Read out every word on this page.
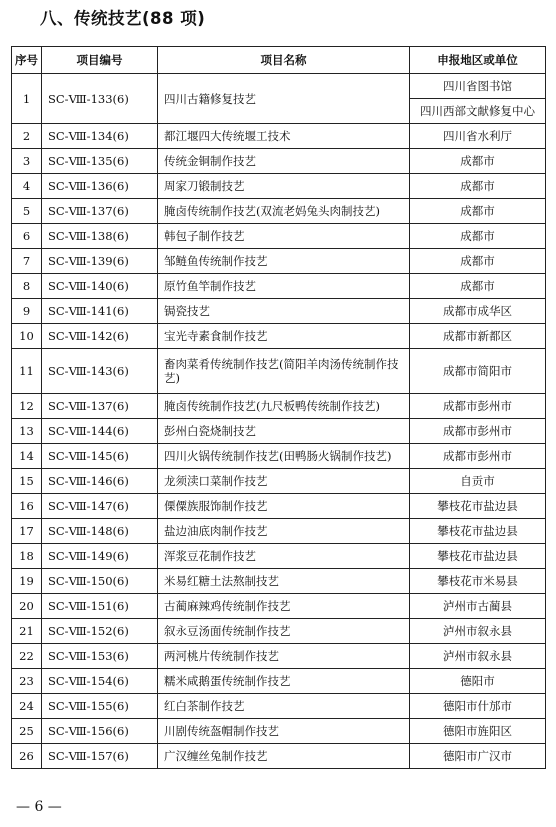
八、传统技艺(88 项)
序号	项目编号	项目名称	申报地区或单位
1	SC-Ⅷ-133(6)	四川古籍修复技艺	四川省图书馆
			四川西部文献修复中心
2	SC-Ⅷ-134(6)	都江堰四大传统堰工技术	四川省水利厅
3	SC-Ⅷ-135(6)	传统金铜制作技艺	成都市
4	SC-Ⅷ-136(6)	周家刀锻制技艺	成都市
5	SC-Ⅷ-137(6)	腌卤传统制作技艺(双流老妈兔头肉制技艺)	成都市
6	SC-Ⅷ-138(6)	韩包子制作技艺	成都市
7	SC-Ⅷ-139(6)	邹鲢鱼传统制作技艺	成都市
8	SC-Ⅷ-140(6)	原竹鱼竿制作技艺	成都市
9	SC-Ⅷ-141(6)	锔瓷技艺	成都市成华区
10	SC-Ⅷ-142(6)	宝光寺素食制作技艺	成都市新都区
11	SC-Ⅷ-143(6)	畜肉菜肴传统制作技艺(简阳羊肉汤传统制作技艺)	成都市简阳市
12	SC-Ⅷ-137(6)	腌卤传统制作技艺(九尺板鸭传统制作技艺)	成都市彭州市
13	SC-Ⅷ-144(6)	彭州白瓷烧制技艺	成都市彭州市
14	SC-Ⅷ-145(6)	四川火锅传统制作技艺(田鸭肠火锅制作技艺)	成都市彭州市
15	SC-Ⅷ-146(6)	龙须渎口菜制作技艺	自贡市
16	SC-Ⅷ-147(6)	傈僳族服饰制作技艺	攀枝花市盐边县
17	SC-Ⅷ-148(6)	盐边油底肉制作技艺	攀枝花市盐边县
18	SC-Ⅷ-149(6)	浑浆豆花制作技艺	攀枝花市盐边县
19	SC-Ⅷ-150(6)	米易红糖土法熬制技艺	攀枝花市米易县
20	SC-Ⅷ-151(6)	古蔺麻辣鸡传统制作技艺	泸州市古蔺县
21	SC-Ⅷ-152(6)	叙永豆汤面传统制作技艺	泸州市叙永县
22	SC-Ⅷ-153(6)	两河桃片传统制作技艺	泸州市叙永县
23	SC-Ⅷ-154(6)	糯米咸鹅蛋传统制作技艺	德阳市
24	SC-Ⅷ-155(6)	红白茶制作技艺	德阳市什邡市
25	SC-Ⅷ-156(6)	川剧传统盔帽制作技艺	德阳市旌阳区
26	SC-Ⅷ-157(6)	广汉缠丝兔制作技艺	德阳市广汉市
— 6 —
